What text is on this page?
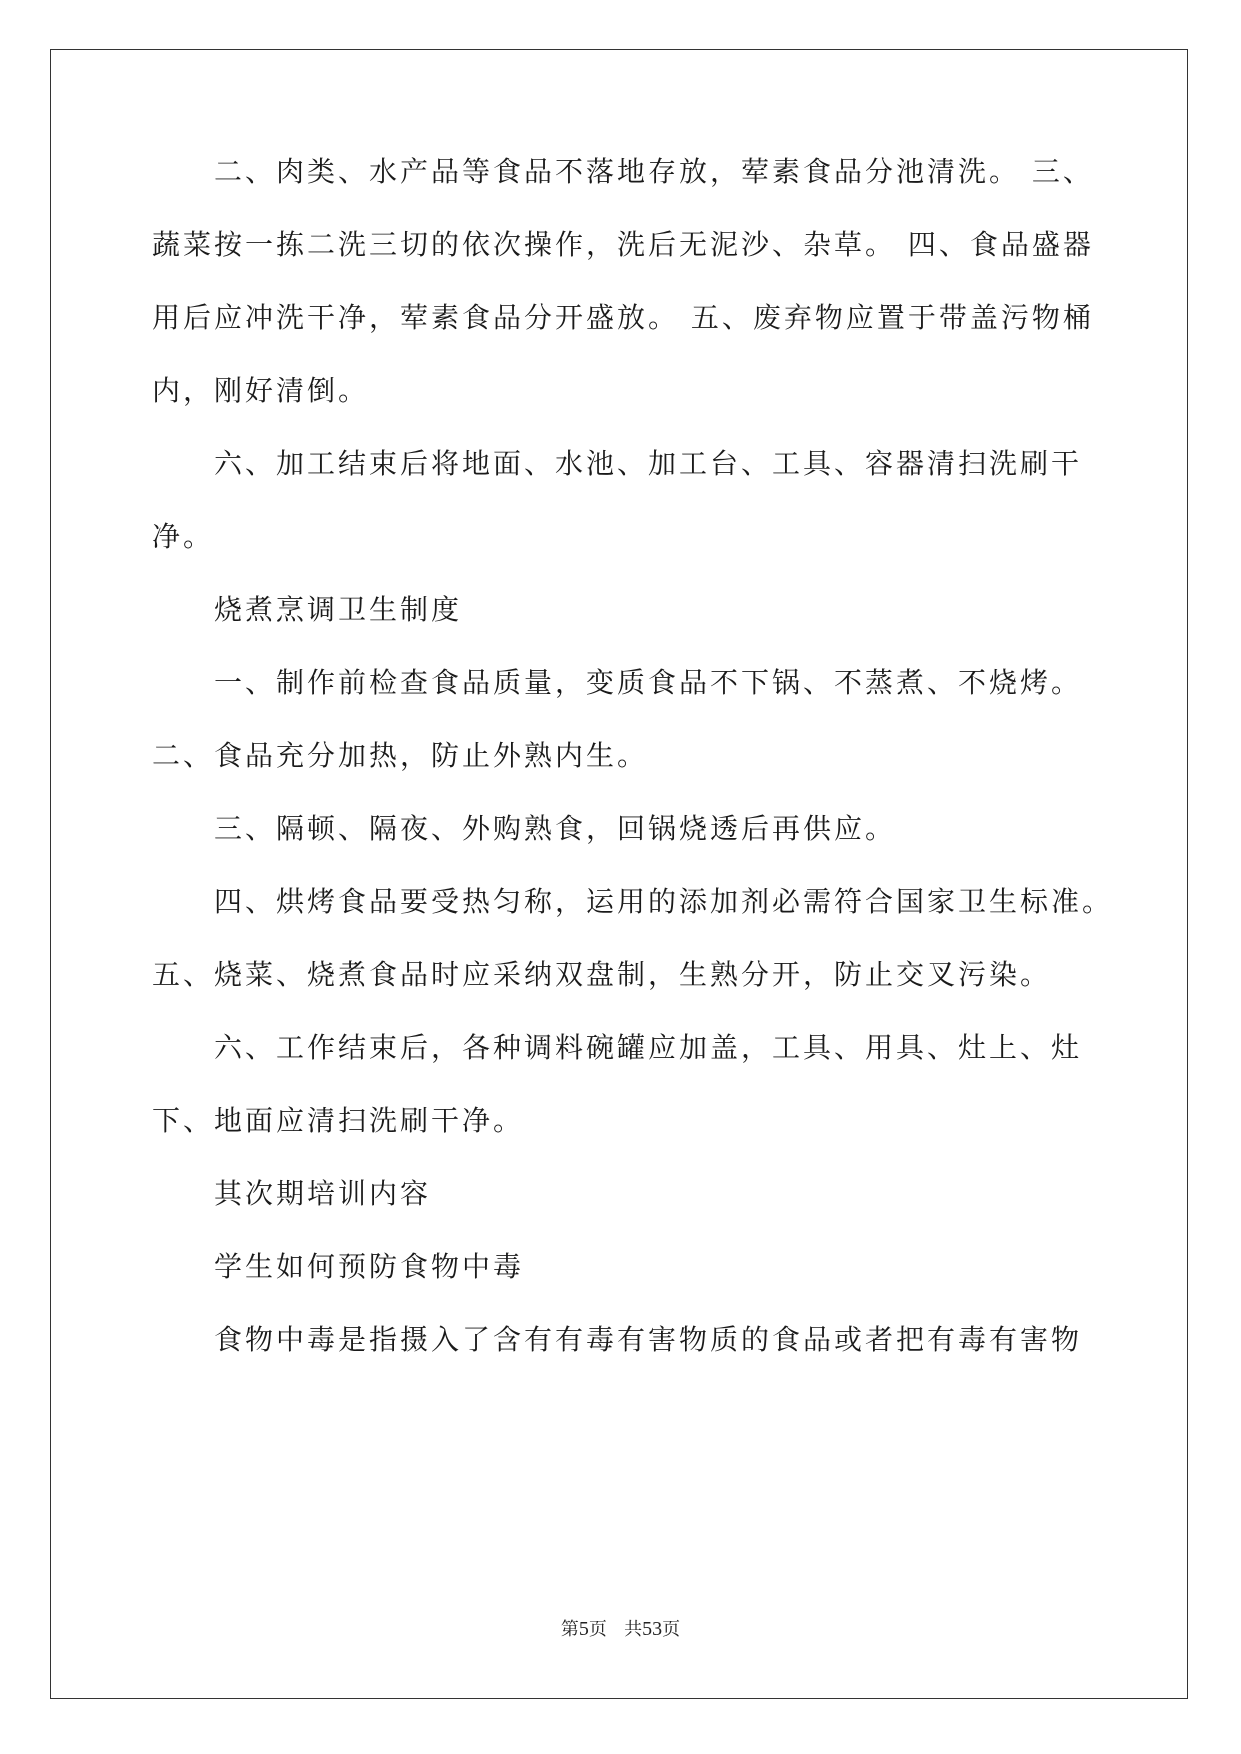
二、肉类、水产品等食品不落地存放，荤素食品分池清洗。 三、
蔬菜按一拣二洗三切的依次操作，洗后无泥沙、杂草。 四、食品盛器
用后应冲洗干净，荤素食品分开盛放。 五、废弃物应置于带盖污物桶
内，刚好清倒。
六、加工结束后将地面、水池、加工台、工具、容器清扫洗刷干
净。
烧煮烹调卫生制度
一、制作前检查食品质量，变质食品不下锅、不蒸煮、不烧烤。
二、食品充分加热，防止外熟内生。
三、隔顿、隔夜、外购熟食，回锅烧透后再供应。
四、烘烤食品要受热匀称，运用的添加剂必需符合国家卫生标准。
五、烧菜、烧煮食品时应采纳双盘制，生熟分开，防止交叉污染。
六、工作结束后，各种调料碗罐应加盖，工具、用具、灶上、灶
下、地面应清扫洗刷干净。
其次期培训内容
学生如何预防食物中毒
食物中毒是指摄入了含有有毒有害物质的食品或者把有毒有害物
第5页 共53页
